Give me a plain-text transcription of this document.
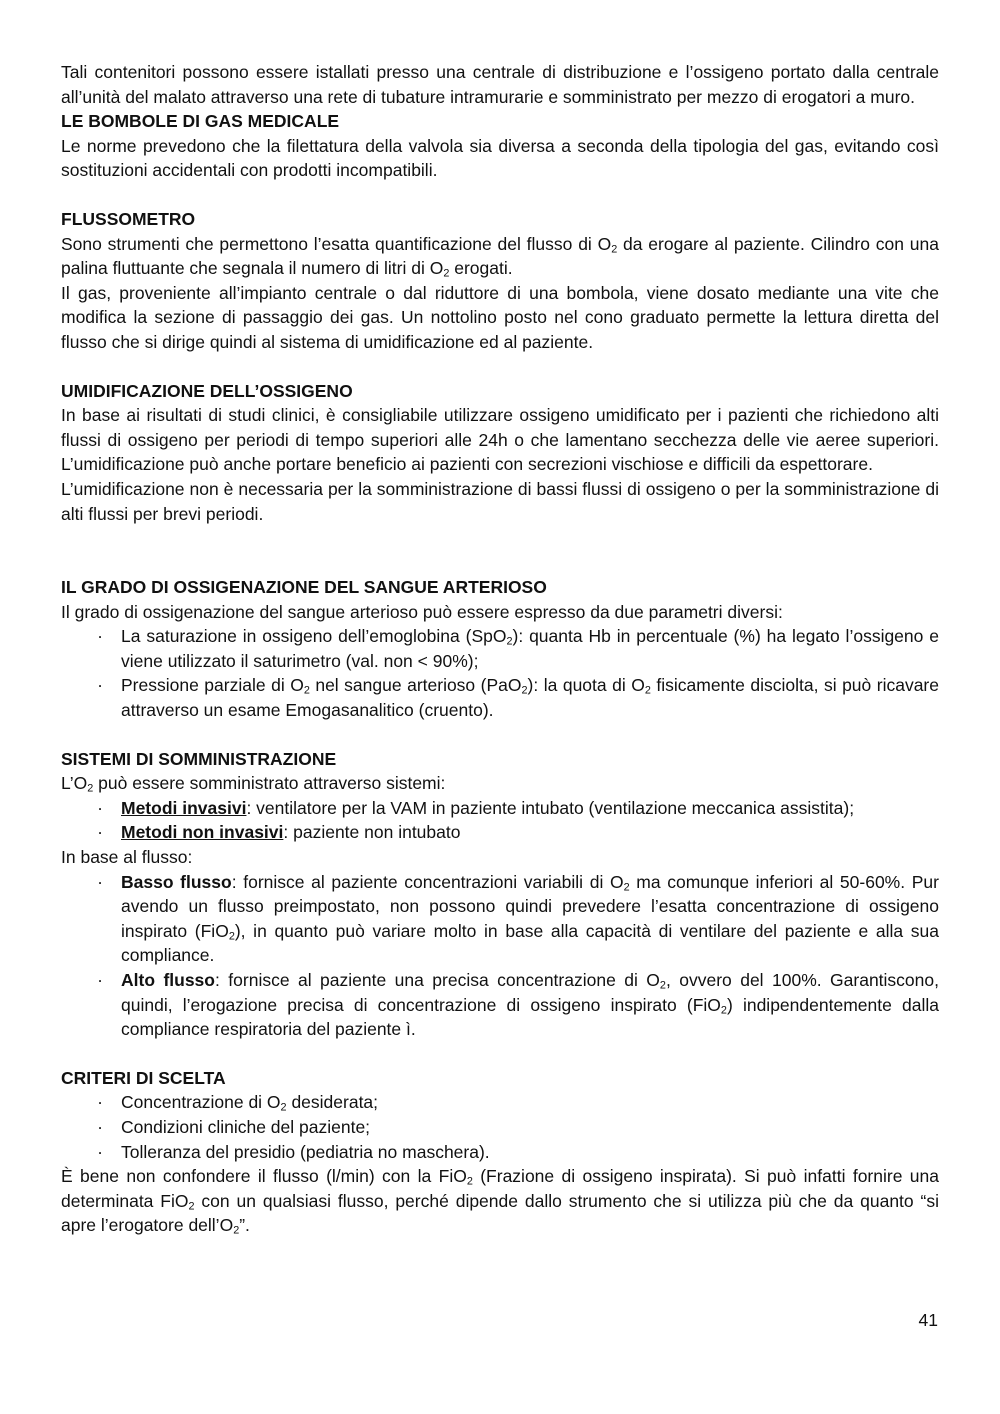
Tali contenitori possono essere istallati presso una centrale di distribuzione e l’ossigeno portato dalla centrale all’unità del malato attraverso una rete di tubature intramurarie e somministrato per mezzo di erogatori a muro.

LE BOMBOLE DI GAS MEDICALE

Le norme prevedono che la filettatura della valvola sia diversa a seconda della tipologia del gas, evitando così sostituzioni accidentali con prodotti incompatibili.

FLUSSOMETRO

Sono strumenti che permettono l’esatta quantificazione del flusso di $O_2$ da erogare al paziente. Cilindro con una palina fluttuante che segnala il numero di litri di $O_2$ erogati.

Il gas, proveniente all’impianto centrale o dal riduttore di una bombola, viene dosato mediante una vite che modifica la sezione di passaggio dei gas. Un nottolino posto nel cono graduato permette la lettura diretta del flusso che si dirige quindi al sistema di umidificazione ed al paziente.

UMIDIFICAZIONE DELL’OSSIGENO

In base ai risultati di studi clinici, è consigliabile utilizzare ossigeno umidificato per i pazienti che richiedono alti flussi di ossigeno per periodi di tempo superiori alle 24h o che lamentano secchezza delle vie aeree superiori. L’umidificazione può anche portare beneficio ai pazienti con secrezioni vischiose e difficili da espettorare.

L’umidificazione non è necessaria per la somministrazione di bassi flussi di ossigeno o per la somministrazione di alti flussi per brevi periodi.

IL GRADO DI OSSIGENAZIONE DEL SANGUE ARTERIOSO

Il grado di ossigenazione del sangue arterioso può essere espresso da due parametri diversi:

· La saturazione in ossigeno dell’emoglobina (SpO$_2$): quanta Hb in percentuale (%) ha legato l’ossigeno e viene utilizzato il saturimetro (val. non < 90%);
· Pressione parziale di $O_2$ nel sangue arterioso (PaO$_2$): la quota di $O_2$ fisicamente disciolta, si può ricavare attraverso un esame Emogasanalitico (cruento).

SISTEMI DI SOMMINISTRAZIONE

$L’O_2$ può essere somministrato attraverso sistemi:

· Metodi invasivi: ventilatore per la VAM in paziente intubato (ventilazione meccanica assistita);
· Metodi non invasivi: paziente non intubato

In base al flusso:

· Basso flusso: fornisce al paziente concentrazioni variabili di $O_2$ ma comunque inferiori al 50-60%. Pur avendo un flusso preimpostato, non possono quindi prevedere l’esatta concentrazione di ossigeno inspirato (FiO$_2$), in quanto può variare molto in base alla capacità di ventilare del paziente e alla sua compliance.
· Alto flusso: fornisce al paziente una precisa concentrazione di $O_2$, ovvero del 100%. Garantiscono, quindi, l’erogazione precisa di concentrazione di ossigeno inspirato (FiO$_2$) indipendentemente dalla compliance respiratoria del paziente ì.

CRITERI DI SCELTA

· Concentrazione di $O_2$ desiderata;
· Condizioni cliniche del paziente;
· Tolleranza del presidio (pediatria no maschera).

È bene non confondere il flusso (l/min) con la FiO$_2$ (Frazione di ossigeno inspirata). Si può infatti fornire una determinata FiO$_2$ con un qualsiasi flusso, perché dipende dallo strumento che si utilizza più che da quanto “si apre l’erogatore $dell’O_2$”.

41
